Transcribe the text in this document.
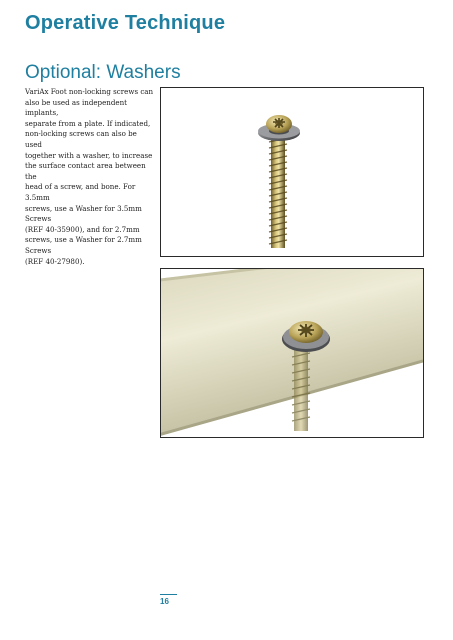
Operative Technique
Optional: Washers
VariAx Foot non-locking screws can
also be used as independent implants,
separate from a plate. If indicated,
non-locking screws can also be used
together with a washer, to increase
the surface contact area between the
head of a screw, and bone. For 3.5mm
screws, use a Washer for 3.5mm Screws
(REF 40-35900), and for 2.7mm
screws, use a Washer for 2.7mm Screws
(REF 40-27980).
16
